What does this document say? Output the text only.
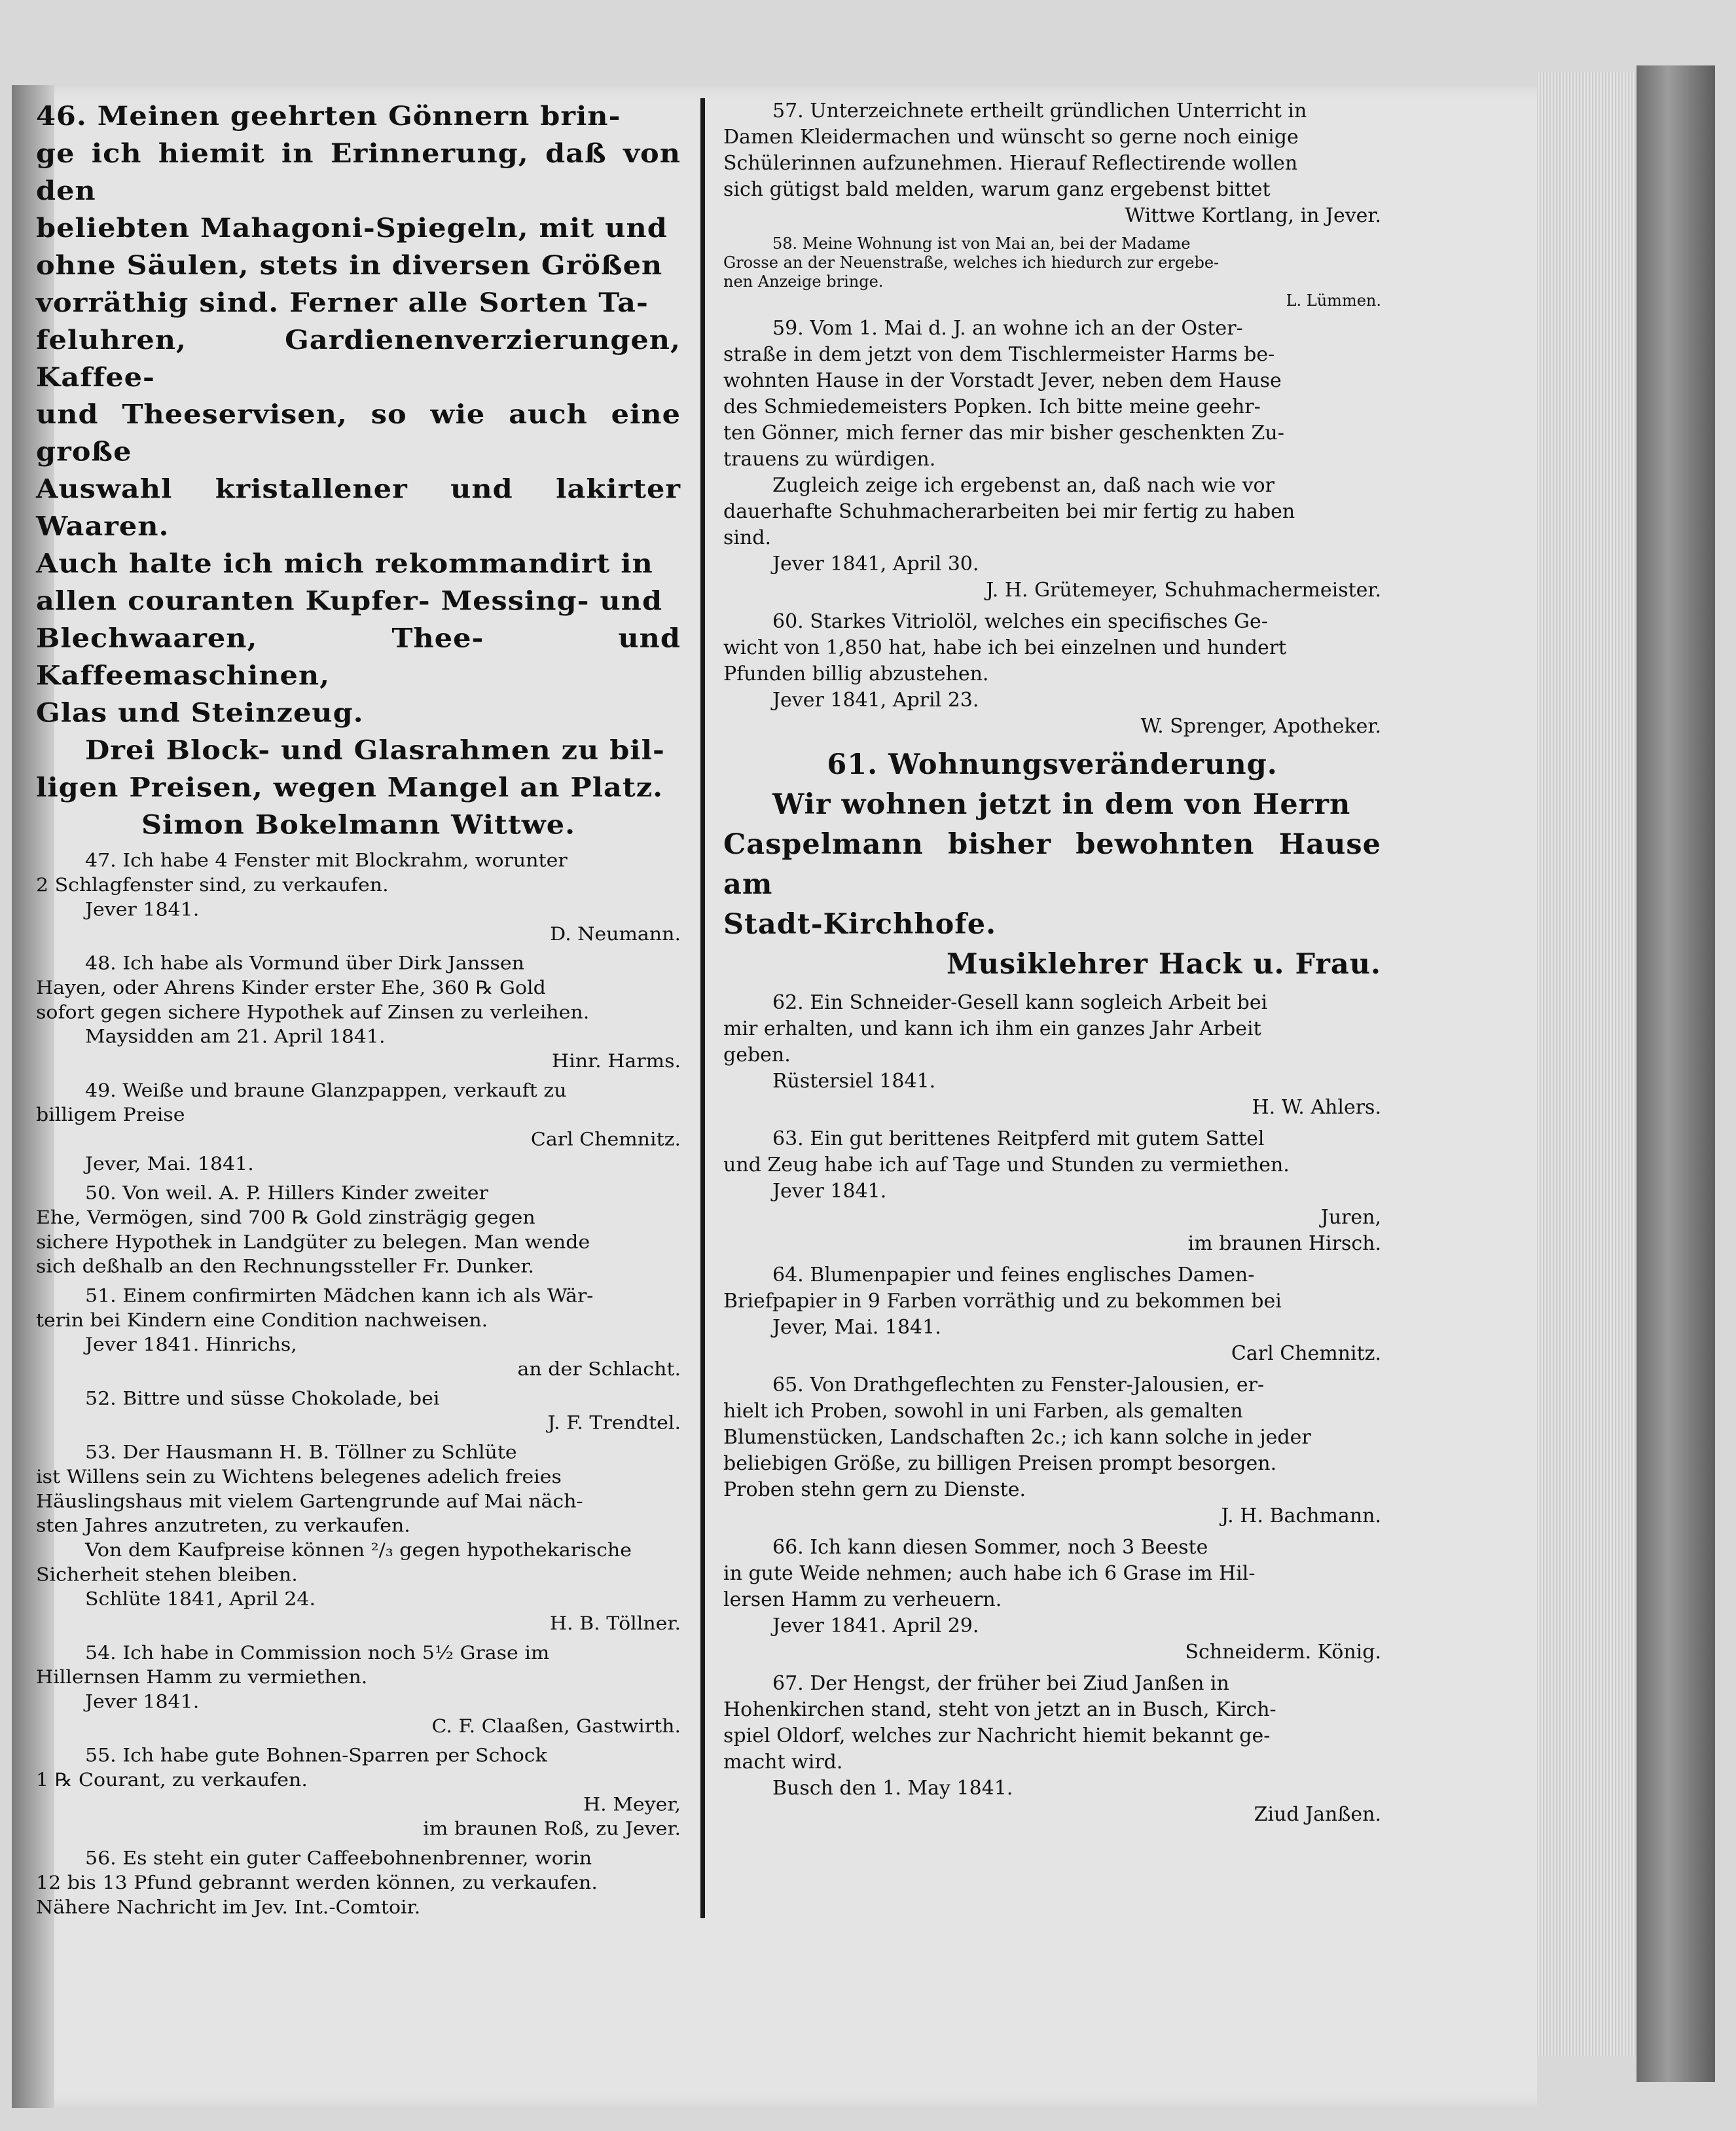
46. Meinen geehrten Gönnern brin-

ge ich hiemit in Erinnerung, daß von den

beliebten Mahagoni-Spiegeln, mit und

ohne Säulen, stets in diversen Größen

vorräthig sind. Ferner alle Sorten Ta-

feluhren, Gardienenverzierungen, Kaffee-

und Theeservisen, so wie auch eine große

Auswahl kristallener und lakirter Waaren.

Auch halte ich mich rekommandirt in

allen couranten Kupfer- Messing- und

Blechwaaren, Thee- und Kaffeemaschinen,

Glas und Steinzeug.

Drei Block- und Glasrahmen zu bil-

ligen Preisen, wegen Mangel an Platz.

Simon Bokelmann Wittwe.

47. Ich habe 4 Fenster mit Blockrahm, worunter

2 Schlagfenster sind, zu verkaufen.

Jever 1841.

D. Neumann.

48. Ich habe als Vormund über Dirk Janssen

Hayen, oder Ahrens Kinder erster Ehe, 360 ℞ Gold

sofort gegen sichere Hypothek auf Zinsen zu verleihen.

Maysidden am 21. April 1841.

Hinr. Harms.

49. Weiße und braune Glanzpappen, verkauft zu

billigem Preise

Carl Chemnitz.

Jever, Mai. 1841.

50. Von weil. A. P. Hillers Kinder zweiter

Ehe, Vermögen, sind 700 ℞ Gold zinsträgig gegen

sichere Hypothek in Landgüter zu belegen. Man wende

sich deßhalb an den Rechnungssteller Fr. Dunker.

51. Einem confirmirten Mädchen kann ich als Wär-

terin bei Kindern eine Condition nachweisen.

Jever 1841. Hinrichs,

an der Schlacht.

52. Bittre und süsse Chokolade, bei

J. F. Trendtel.

53. Der Hausmann H. B. Töllner zu Schlüte

ist Willens sein zu Wichtens belegenes adelich freies

Häuslingshaus mit vielem Gartengrunde auf Mai näch-

sten Jahres anzutreten, zu verkaufen.

Von dem Kaufpreise können ²/₃ gegen hypothekarische

Sicherheit stehen bleiben.

Schlüte 1841, April 24.

H. B. Töllner.

54. Ich habe in Commission noch 5½ Grase im

Hillernsen Hamm zu vermiethen.

Jever 1841.

C. F. Claaßen, Gastwirth.

55. Ich habe gute Bohnen-Sparren per Schock

1 ℞ Courant, zu verkaufen.

H. Meyer,

im braunen Roß, zu Jever.

56. Es steht ein guter Caffeebohnenbrenner, worin

12 bis 13 Pfund gebrannt werden können, zu verkaufen.

Nähere Nachricht im Jev. Int.-Comtoir.

57. Unterzeichnete ertheilt gründlichen Unterricht in

Damen Kleidermachen und wünscht so gerne noch einige

Schülerinnen aufzunehmen. Hierauf Reflectirende wollen

sich gütigst bald melden, warum ganz ergebenst bittet

Wittwe Kortlang, in Jever.

58. Meine Wohnung ist von Mai an, bei der Madame

Grosse an der Neuenstraße, welches ich hiedurch zur ergebe-

nen Anzeige bringe.

L. Lümmen.

59. Vom 1. Mai d. J. an wohne ich an der Oster-

straße in dem jetzt von dem Tischlermeister Harms be-

wohnten Hause in der Vorstadt Jever, neben dem Hause

des Schmiedemeisters Popken. Ich bitte meine geehr-

ten Gönner, mich ferner das mir bisher geschenkten Zu-

trauens zu würdigen.

Zugleich zeige ich ergebenst an, daß nach wie vor

dauerhafte Schuhmacherarbeiten bei mir fertig zu haben

sind.

Jever 1841, April 30.

J. H. Grütemeyer, Schuhmachermeister.

60. Starkes Vitriolöl, welches ein specifisches Ge-

wicht von 1,850 hat, habe ich bei einzelnen und hundert

Pfunden billig abzustehen.

Jever 1841, April 23.

W. Sprenger, Apotheker.

61. Wohnungsveränderung.

Wir wohnen jetzt in dem von Herrn

Caspelmann bisher bewohnten Hause am

Stadt-Kirchhofe.

Musiklehrer Hack u. Frau.

62. Ein Schneider-Gesell kann sogleich Arbeit bei

mir erhalten, und kann ich ihm ein ganzes Jahr Arbeit

geben.

Rüstersiel 1841.

H. W. Ahlers.

63. Ein gut berittenes Reitpferd mit gutem Sattel

und Zeug habe ich auf Tage und Stunden zu vermiethen.

Jever 1841.

Juren,

im braunen Hirsch.

64. Blumenpapier und feines englisches Damen-

Briefpapier in 9 Farben vorräthig und zu bekommen bei

Jever, Mai. 1841.

Carl Chemnitz.

65. Von Drathgeflechten zu Fenster-Jalousien, er-

hielt ich Proben, sowohl in uni Farben, als gemalten

Blumenstücken, Landschaften 2c.; ich kann solche in jeder

beliebigen Größe, zu billigen Preisen prompt besorgen.

Proben stehn gern zu Dienste.

J. H. Bachmann.

66. Ich kann diesen Sommer, noch 3 Beeste

in gute Weide nehmen; auch habe ich 6 Grase im Hil-

lersen Hamm zu verheuern.

Jever 1841. April 29.

Schneiderm. König.

67. Der Hengst, der früher bei Ziud Janßen in

Hohenkirchen stand, steht von jetzt an in Busch, Kirch-

spiel Oldorf, welches zur Nachricht hiemit bekannt ge-

macht wird.

Busch den 1. May 1841.

Ziud Janßen.
